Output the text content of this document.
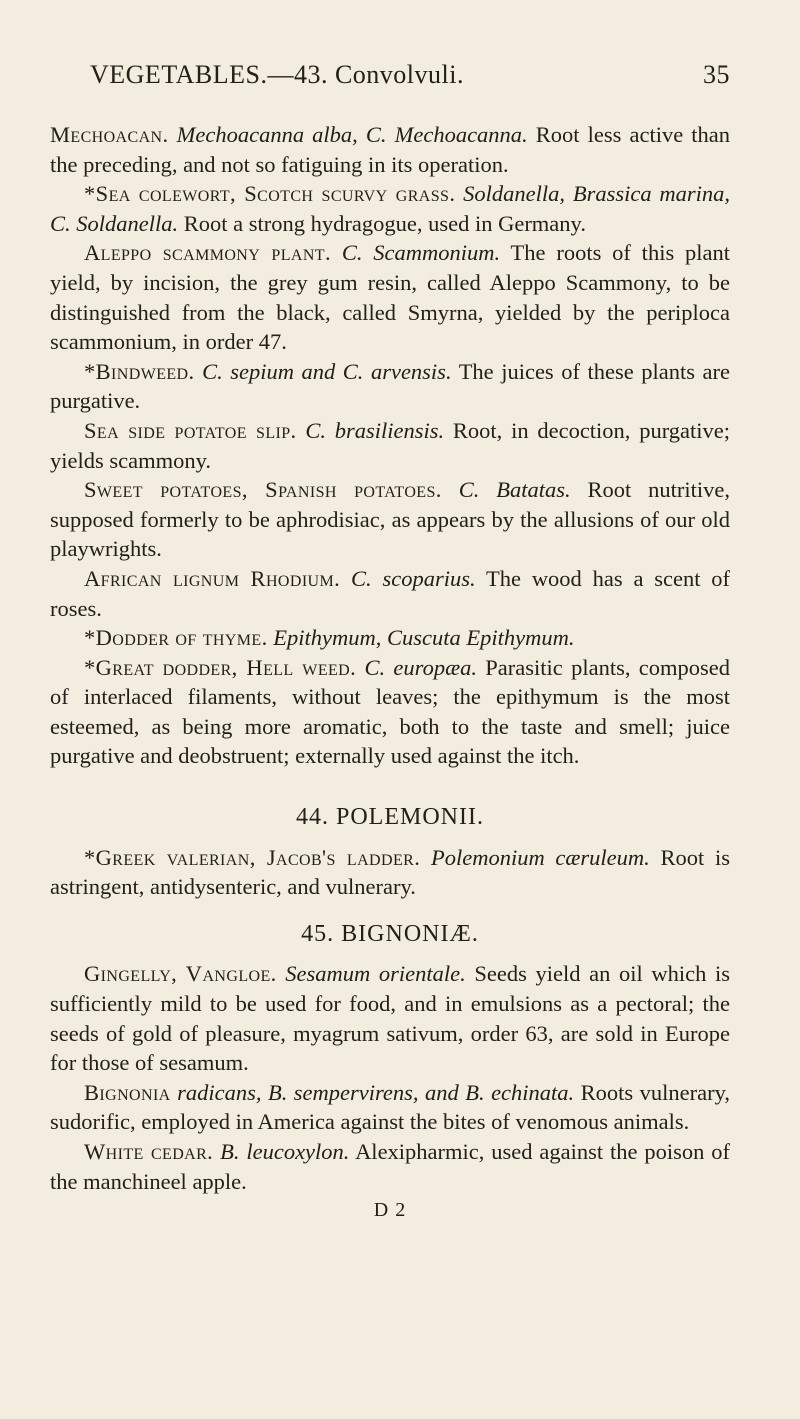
VEGETABLES.—43. Convolvuli.	35

Mechoacan. Mechoacanna alba, C. Mechoacanna. Root less active than the preceding, and not so fatiguing in its operation.

*Sea colewort, Scotch scurvy grass. Soldanella, Brassica marina, C. Soldanella. Root a strong hydragogue, used in Germany.

Aleppo scammony plant. C. Scammonium. The roots of this plant yield, by incision, the grey gum resin, called Aleppo Scammony, to be distinguished from the black, called Smyrna, yielded by the periploca scammonium, in order 47.

*Bindweed. C. sepium and C. arvensis. The juices of these plants are purgative.

Sea side potatoe slip. C. brasiliensis. Root, in decoction, purgative; yields scammony.

Sweet potatoes, Spanish potatoes. C. Batatas. Root nutritive, supposed formerly to be aphrodisiac, as appears by the allusions of our old playwrights.

African lignum Rhodium. C. scoparius. The wood has a scent of roses.

*Dodder of thyme. Epithymum, Cuscuta Epithymum.

*Great dodder, Hell weed. C. europæa. Parasitic plants, composed of interlaced filaments, without leaves; the epithymum is the most esteemed, as being more aromatic, both to the taste and smell; juice purgative and deobstruent; externally used against the itch.

44. POLEMONII.

*Greek valerian, Jacob's ladder. Polemonium cæruleum. Root is astringent, antidysenteric, and vulnerary.

45. BIGNONIÆ.

Gingelly, Vangloe. Sesamum orientale. Seeds yield an oil which is sufficiently mild to be used for food, and in emulsions as a pectoral; the seeds of gold of pleasure, myagrum sativum, order 63, are sold in Europe for those of sesamum.

Bignonia radicans, B. sempervirens, and B. echinata. Roots vulnerary, sudorific, employed in America against the bites of venomous animals.

White cedar. B. leucoxylon. Alexipharmic, used against the poison of the manchineel apple.

D 2
